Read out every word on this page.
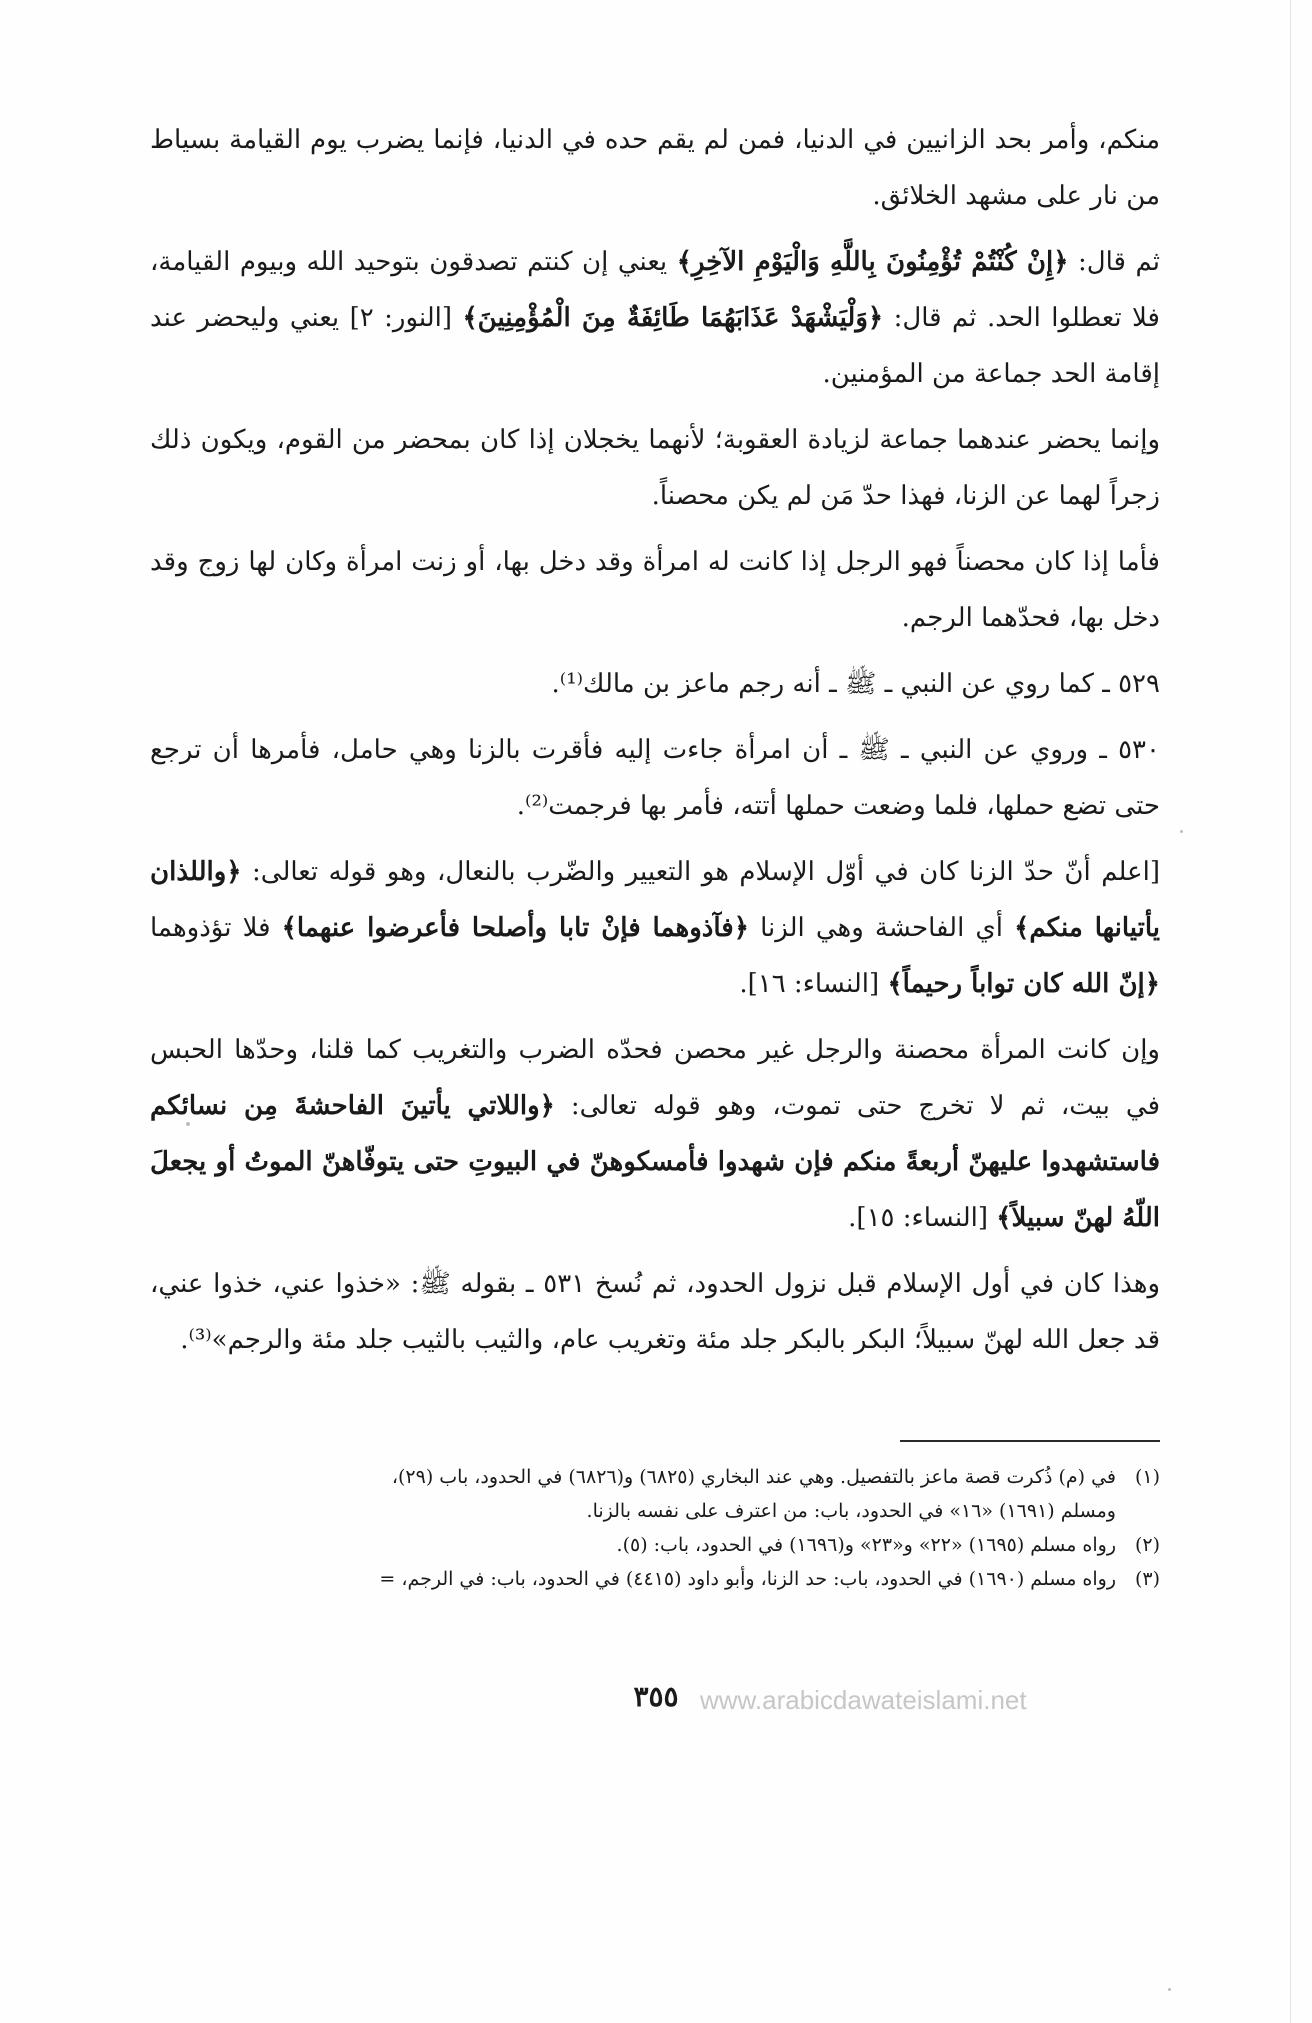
منكم، وأمر بحد الزانيين في الدنيا، فمن لم يقم حده في الدنيا، فإنما يضرب يوم القيامة بسياط من نار على مشهد الخلائق.

ثم قال: ﴿إِنْ كُنْتُمْ تُؤْمِنُونَ بِاللَّهِ وَالْيَوْمِ الآخِرِ﴾ يعني إن كنتم تصدقون بتوحيد الله وبيوم القيامة، فلا تعطلوا الحد. ثم قال: ﴿وَلْيَشْهَدْ عَذَابَهُمَا طَائِفَةٌ مِنَ الْمُؤْمِنِينَ﴾ [النور: ٢] يعني وليحضر عند إقامة الحد جماعة من المؤمنين.

وإنما يحضر عندهما جماعة لزيادة العقوبة؛ لأنهما يخجلان إذا كان بمحضر من القوم، ويكون ذلك زجراً لهما عن الزنا، فهذا حدّ مَن لم يكن محصناً.

فأما إذا كان محصناً فهو الرجل إذا كانت له امرأة وقد دخل بها، أو زنت امرأة وكان لها زوج وقد دخل بها، فحدّهما الرجم.

٥٢٩ ـ كما روي عن النبي ـ ﷺ ـ أنه رجم ماعز بن مالك⁽¹⁾.

٥٣٠ ـ وروي عن النبي ـ ﷺ ـ أن امرأة جاءت إليه فأقرت بالزنا وهي حامل، فأمرها أن ترجع حتى تضع حملها، فلما وضعت حملها أتته، فأمر بها فرجمت⁽²⁾.

[اعلم أنّ حدّ الزنا كان في أوّل الإسلام هو التعيير والضّرب بالنعال، وهو قوله تعالى: ﴿واللذان يأتيانها منكم﴾ أي الفاحشة وهي الزنا ﴿فآذوهما فإنْ تابا وأصلحا فأعرضوا عنهما﴾ فلا تؤذوهما ﴿إنّ الله كان تواباً رحيماً﴾ [النساء: ١٦].

وإن كانت المرأة محصنة والرجل غير محصن فحدّه الضرب والتغريب كما قلنا، وحدّها الحبس في بيت، ثم لا تخرج حتى تموت، وهو قوله تعالى: ﴿واللاتي يأتينَ الفاحشةَ مِن نسائكم فاستشهدوا عليهنّ أربعةً منكم فإن شهدوا فأمسكوهنّ في البيوتِ حتى يتوفّاهنّ الموتُ أو يجعلَ اللّهُ لهنّ سبيلاً﴾ [النساء: ١٥].

وهذا كان في أول الإسلام قبل نزول الحدود، ثم نُسخ ٥٣١ ـ بقوله ﷺ: «خذوا عني، خذوا عني، قد جعل الله لهنّ سبيلاً؛ البكر بالبكر جلد مئة وتغريب عام، والثيب بالثيب جلد مئة والرجم»⁽³⁾.

(١)في (م) ذُكرت قصة ماعز بالتفصيل. وهي عند البخاري (٦٨٢٥) و(٦٨٢٦) في الحدود، باب (٢٩)،

ومسلم (١٦٩١) «١٦» في الحدود، باب: من اعترف على نفسه بالزنا.

(٢)رواه مسلم (١٦٩٥) «٢٢» و«٢٣» و(١٦٩٦) في الحدود، باب: (٥).

(٣)رواه مسلم (١٦٩٠) في الحدود، باب: حد الزنا، وأبو داود (٤٤١٥) في الحدود، باب: في الرجم، =

٣٥٥ www.arabicdawateislami.net
